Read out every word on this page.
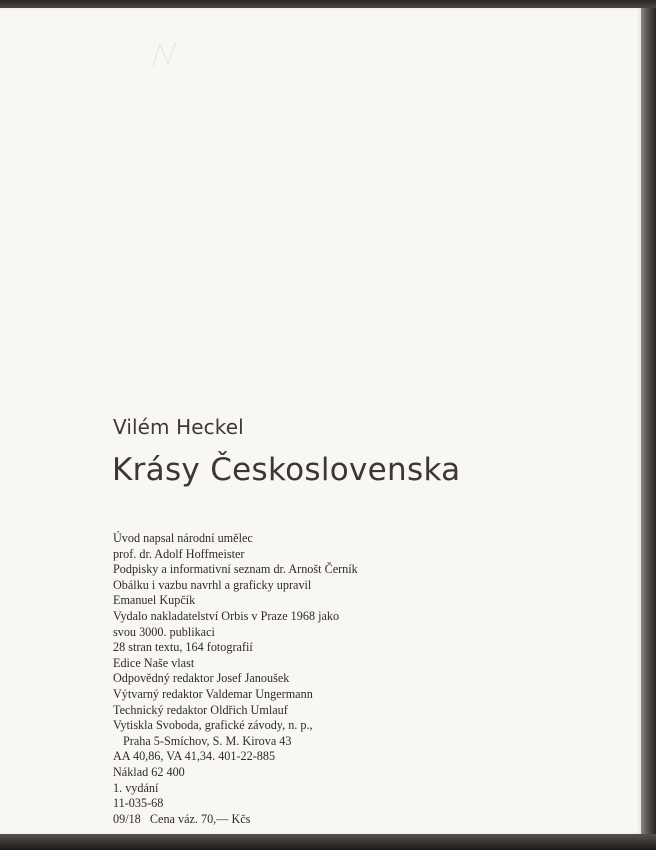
Vilém Heckel

Krásy Československa
Úvod napsal národní umělec
prof. dr. Adolf Hoffmeister
Podpisky a informativní seznam dr. Arnošt Černík
Obálku i vazbu navrhl a graficky upravil
Emanuel Kupčík
Vydalo nakladatelství Orbis v Praze 1968 jako
svou 3000. publikaci
28 stran textu, 164 fotografií
Edice Naše vlast
Odpovědný redaktor Josef Janoušek
Výtvarný redaktor Valdemar Ungermann
Technický redaktor Oldřich Umlauf
Vytiskla Svoboda, grafické závody, n. p.,
Praha 5-Smíchov, S. M. Kirova 43
AA 40,86, VA 41,34. 401-22-885
Náklad 62 400
1. vydání
11-035-68
09/18   Cena váz. 70,— Kčs
